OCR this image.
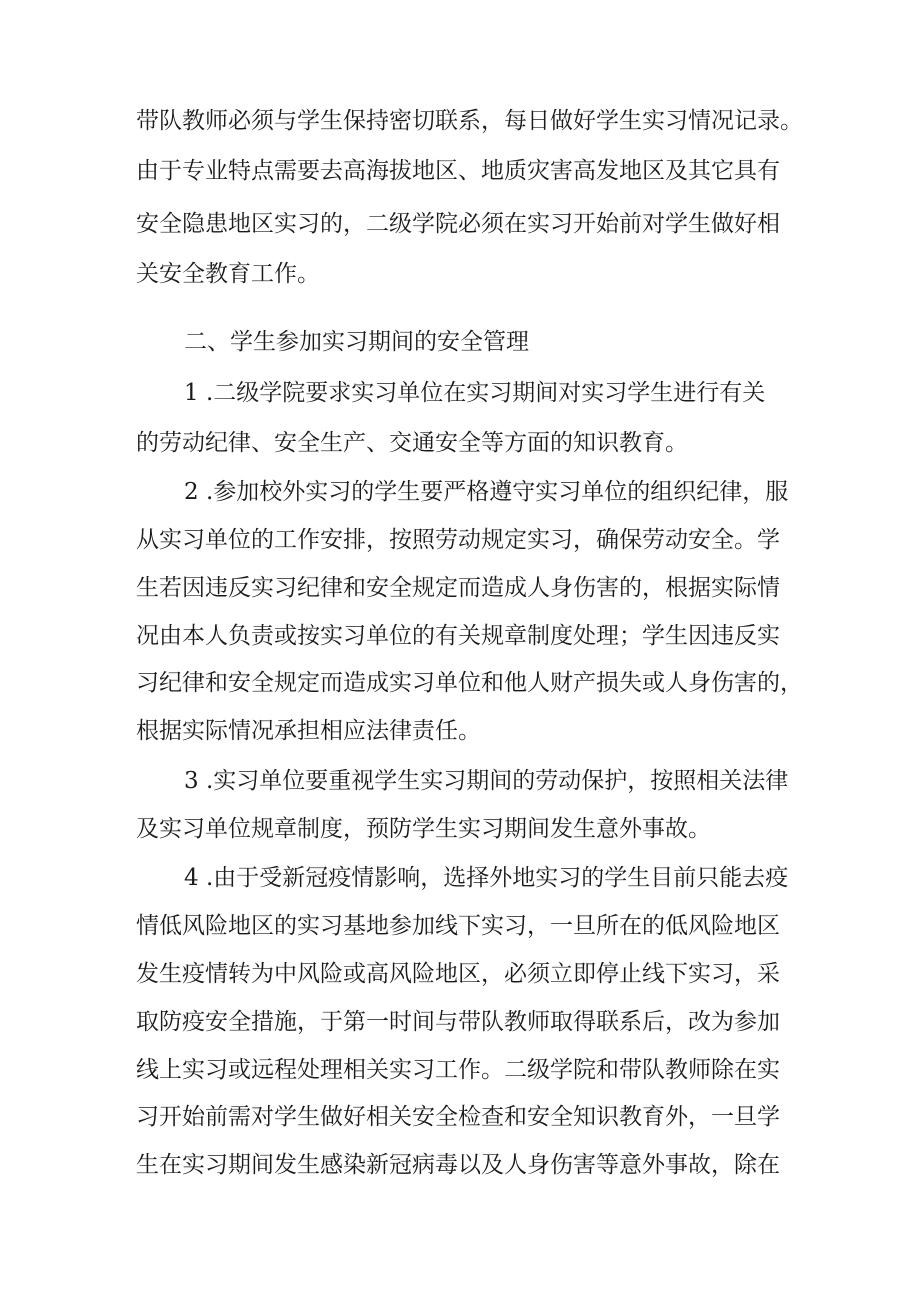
带队教师必须与学生保持密切联系，每日做好学生实习情况记录。
由于专业特点需要去高海拔地区、地质灾害高发地区及其它具有
安全隐患地区实习的，二级学院必须在实习开始前对学生做好相
关安全教育工作。
二、学生参加实习期间的安全管理
1 .二级学院要求实习单位在实习期间对实习学生进行有关
的劳动纪律、安全生产、交通安全等方面的知识教育。
2 .参加校外实习的学生要严格遵守实习单位的组织纪律，服
从实习单位的工作安排，按照劳动规定实习，确保劳动安全。学
生若因违反实习纪律和安全规定而造成人身伤害的，根据实际情
况由本人负责或按实习单位的有关规章制度处理；学生因违反实
习纪律和安全规定而造成实习单位和他人财产损失或人身伤害的，
根据实际情况承担相应法律责任。
3 .实习单位要重视学生实习期间的劳动保护，按照相关法律
及实习单位规章制度，预防学生实习期间发生意外事故。
4 .由于受新冠疫情影响，选择外地实习的学生目前只能去疫
情低风险地区的实习基地参加线下实习，一旦所在的低风险地区
发生疫情转为中风险或高风险地区，必须立即停止线下实习，采
取防疫安全措施，于第一时间与带队教师取得联系后，改为参加
线上实习或远程处理相关实习工作。二级学院和带队教师除在实
习开始前需对学生做好相关安全检查和安全知识教育外，一旦学
生在实习期间发生感染新冠病毒以及人身伤害等意外事故，除在
